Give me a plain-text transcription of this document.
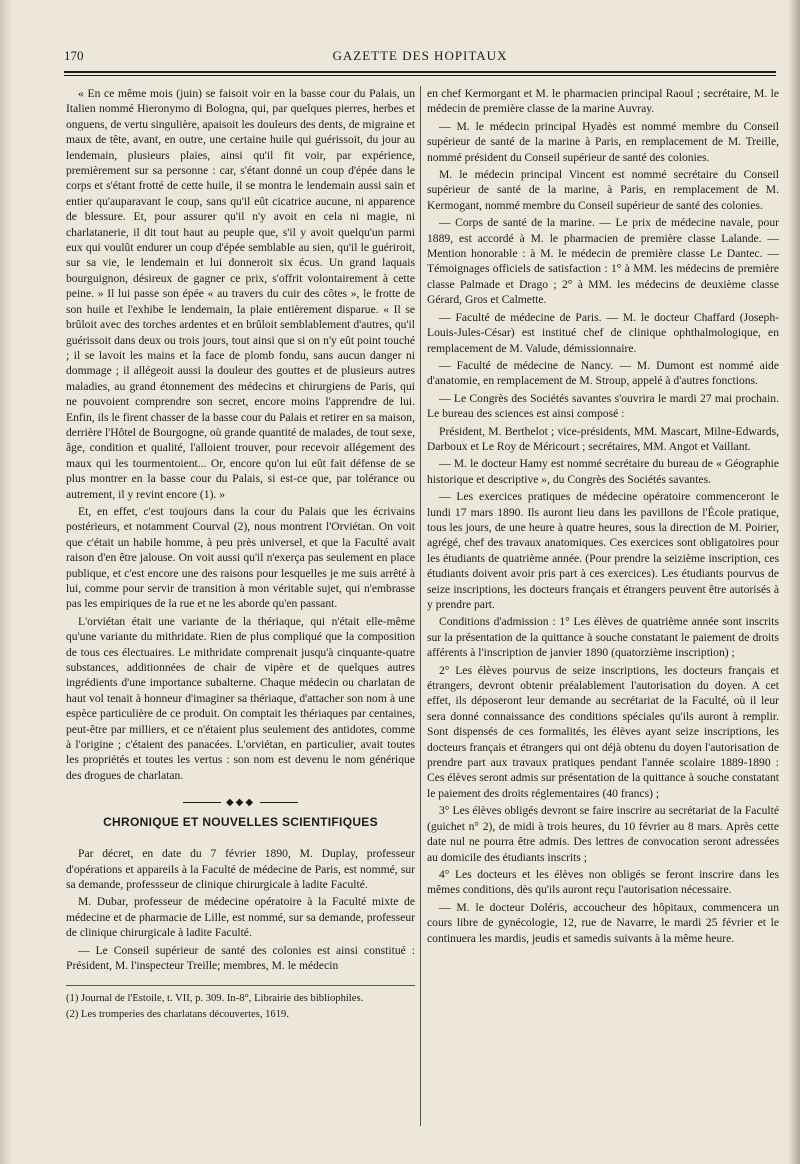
170	GAZETTE DES HOPITAUX

« En ce même mois (juin) se faisoit voir en la basse cour du Palais, un Italien nommé Hieronymo di Bologna, qui, par quelques pierres, herbes et onguens, de vertu singulière, apaisoit les douleurs des dents, de migraine et maux de tête, avant, en outre, une certaine huile qui guérissoit, du jour au lendemain, plusieurs plaies, ainsi qu'il fit voir, par expérience, premièrement sur sa personne : car, s'étant donné un coup d'épée dans le corps et s'étant frotté de cette huile, il se montra le lendemain aussi sain et entier qu'auparavant le coup, sans qu'il eût cicatrice aucune, ni apparence de blessure. Et, pour assurer qu'il n'y avoit en cela ni magie, ni charlatanerie, il dit tout haut au peuple que, s'il y avoit quelqu'un parmi eux qui voulût endurer un coup d'épée semblable au sien, qu'il le guériroit, sur sa vie, le lendemain et lui donneroit six écus. Un grand laquais bourguignon, désireux de gagner ce prix, s'offrit volontairement à cette peine. » Il lui passe son épée « au travers du cuir des côtes », le frotte de son huile et l'exhibe le lendemain, la plaie entièrement disparue. « Il se brûloit avec des torches ardentes et en brûloit semblablement d'autres, qu'il guérissoit dans deux ou trois jours, tout ainsi que si on n'y eût point touché ; il se lavoit les mains et la face de plomb fondu, sans aucun danger ni dommage ; il allégeoit aussi la douleur des gouttes et de plusieurs autres maladies, au grand étonnement des médecins et chirurgiens de Paris, qui ne pouvoient comprendre son secret, encore moins l'apprendre de lui. Enfin, ils le firent chasser de la basse cour du Palais et retirer en sa maison, derrière l'Hôtel de Bourgogne, où grande quantité de malades, de tout sexe, âge, condition et qualité, l'alloient trouver, pour recevoir allégement des maux qui les tourmentoient... Or, encore qu'on lui eût fait défense de se plus montrer en la basse cour du Palais, si est-ce que, par tolérance ou autrement, il y revint encore (1). »

Et, en effet, c'est toujours dans la cour du Palais que les écrivains postérieurs, et notamment Courval (2), nous montrent l'Orviétan. On voit que c'était un habile homme, à peu près universel, et que la Faculté avait raison d'en être jalouse. On voit aussi qu'il n'exerça pas seulement en place publique, et c'est encore une des raisons pour lesquelles je me suis arrêté à lui, comme pour servir de transition à mon véritable sujet, qui n'embrasse pas les empiriques de la rue et ne les aborde qu'en passant.

L'orviétan était une variante de la thériaque, qui n'était elle-même qu'une variante du mithridate. Rien de plus compliqué que la composition de tous ces électuaires. Le mithridate comprenait jusqu'à cinquante-quatre substances, additionnées de chair de vipère et de quelques autres ingrédients d'une importance subalterne. Chaque médecin ou charlatan de haut vol tenait à honneur d'imaginer sa thériaque, d'attacher son nom à une espèce particulière de ce produit. On comptait les thériaques par centaines, peut-être par milliers, et ce n'étaient plus seulement des antidotes, comme à l'origine ; c'étaient des panacées. L'orviétan, en particulier, avait toutes les propriétés et toutes les vertus : son nom est devenu le nom générique des drogues de charlatan.

◆◆◆
CHRONIQUE ET NOUVELLES SCIENTIFIQUES

Par décret, en date du 7 février 1890, M. Duplay, professeur d'opérations et appareils à la Faculté de médecine de Paris, est nommé, sur sa demande, professseur de clinique chirurgicale à ladite Faculté.

M. Dubar, professeur de médecine opératoire à la Faculté mixte de médecine et de pharmacie de Lille, est nommé, sur sa demande, professeur de clinique chirurgicale à ladite Faculté.

— Le Conseil supérieur de santé des colonies est ainsi constitué : Président, M. l'inspecteur Treille; membres, M. le médecin

(1) Journal de l'Estoile, t. VII, p. 309. In-8°, Librairie des bibliophiles.

(2) Les tromperies des charlatans découvertes, 1619.

en chef Kermorgant et M. le pharmacien principal Raoul ; secrétaire, M. le médecin de première classe de la marine Auvray.

— M. le médecin principal Hyadès est nommé membre du Conseil supérieur de santé de la marine à Paris, en remplacement de M. Treille, nommé président du Conseil supérieur de santé des colonies.

M. le médecin principal Vincent est nommé secrétaire du Conseil supérieur de santé de la marine, à Paris, en remplacement de M. Kermogant, nommé membre du Conseil supérieur de santé des colonies.

— Corps de santé de la marine. — Le prix de médecine navale, pour 1889, est accordé à M. le pharmacien de première classe Lalande. — Mention honorable : à M. le médecin de première classe Le Dantec. — Témoignages officiels de satisfaction : 1° à MM. les médecins de première classe Palmade et Drago ; 2° à MM. les médecins de deuxième classe Gérard, Gros et Calmette.

— Faculté de médecine de Paris. — M. le docteur Chaffard (Joseph-Louis-Jules-César) est institué chef de clinique ophthalmologique, en remplacement de M. Valude, démissionnaire.

— Faculté de médecine de Nancy. — M. Dumont est nommé aide d'anatomie, en remplacement de M. Stroup, appelé à d'autres fonctions.

— Le Congrès des Sociétés savantes s'ouvrira le mardi 27 mai prochain. Le bureau des sciences est ainsi composé :

Président, M. Berthelot ; vice-présidents, MM. Mascart, Milne-Edwards, Darboux et Le Roy de Méricourt ; secrétaires, MM. Angot et Vaillant.

— M. le docteur Hamy est nommé secrétaire du bureau de « Géographie historique et descriptive », du Congrès des Sociétés savantes.

— Les exercices pratiques de médecine opératoire commenceront le lundi 17 mars 1890. Ils auront lieu dans les pavillons de l'École pratique, tous les jours, de une heure à quatre heures, sous la direction de M. Poirier, agrégé, chef des travaux anatomiques. Ces exercices sont obligatoires pour les étudiants de quatrième année. (Pour prendre la seizième inscription, ces étudiants doivent avoir pris part à ces exercices). Les étudiants pourvus de seize inscriptions, les docteurs français et étrangers peuvent être autorisés à y prendre part.

Conditions d'admission : 1° Les élèves de quatrième année sont inscrits sur la présentation de la quittance à souche constatant le paiement de droits afférents à l'inscription de janvier 1890 (quatorzième inscription) ;

2° Les élèves pourvus de seize inscriptions, les docteurs français et étrangers, devront obtenir préalablement l'autorisation du doyen. A cet effet, ils déposeront leur demande au secrétariat de la Faculté, où il leur sera donné connaissance des conditions spéciales qu'ils auront à remplir. Sont dispensés de ces formalités, les élèves ayant seize inscriptions, les docteurs français et étrangers qui ont déjà obtenu du doyen l'autorisation de prendre part aux travaux pratiques pendant l'année scolaire 1889-1890 : Ces élèves seront admis sur présentation de la quittance à souche constatant le paiement des droits réglementaires (40 francs) ;

3° Les élèves obligés devront se faire inscrire au secrétariat de la Faculté (guichet n° 2), de midi à trois heures, du 10 février au 8 mars. Après cette date nul ne pourra être admis. Des lettres de convocation seront adressées au domicile des étudiants inscrits ;

4° Les docteurs et les élèves non obligés se feront inscrire dans les mêmes conditions, dès qu'ils auront reçu l'autorisation nécessaire.

— M. le docteur Doléris, accoucheur des hôpitaux, commencera un cours libre de gynécologie, 12, rue de Navarre, le mardi 25 février et le continuera les mardis, jeudis et samedis suivants à la même heure.
